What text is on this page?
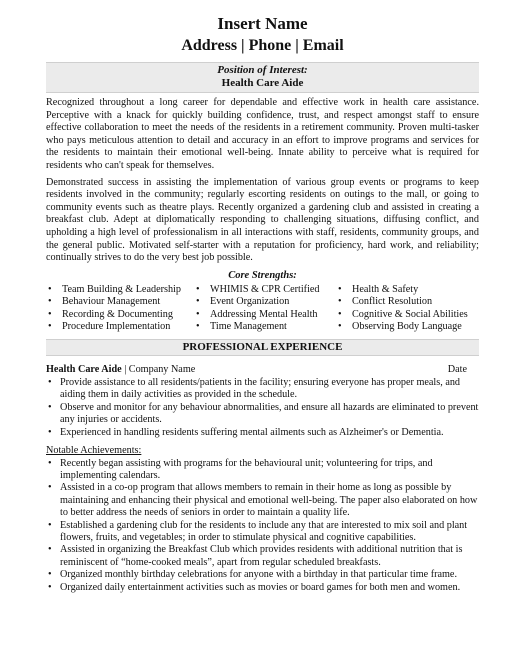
Insert Name
Address | Phone | Email
Position of Interest:
Health Care Aide

Recognized throughout a long career for dependable and effective work in health care assistance. Perceptive with a knack for quickly building confidence, trust, and respect amongst staff to ensure effective collaboration to meet the needs of the residents in a retirement community. Proven multi-tasker who pays meticulous attention to detail and accuracy in an effort to improve programs and services for the residents to maintain their emotional well-being. Innate ability to perceive what is required for residents who can't speak for themselves.

Demonstrated success in assisting the implementation of various group events or programs to keep residents involved in the community; regularly escorting residents on outings to the mall, or going to community events such as theatre plays. Recently organized a gardening club and assisted in creating a breakfast club. Adept at diplomatically responding to challenging situations, diffusing conflict, and upholding a high level of professionalism in all interactions with staff, residents, community groups, and the general public. Motivated self-starter with a reputation for proficiency, hard work, and reliability; continually strives to do the very best job possible.

Core Strengths:
• Team Building & Leadership
• Behaviour Management
• Recording & Documenting
• Procedure Implementation
• WHIMIS & CPR Certified
• Event Organization
• Addressing Mental Health
• Time Management
• Health & Safety
• Conflict Resolution
• Cognitive & Social Abilities
• Observing Body Language
PROFESSIONAL EXPERIENCE
Health Care Aide | Company Name	Date
• Provide assistance to all residents/patients in the facility; ensuring everyone has proper meals, and aiding them in daily activities as provided in the schedule.
• Observe and monitor for any behaviour abnormalities, and ensure all hazards are eliminated to prevent any injuries or accidents.
• Experienced in handling residents suffering mental ailments such as Alzheimer's or Dementia.
Notable Achievements:
• Recently began assisting with programs for the behavioural unit; volunteering for trips, and implementing calendars.
• Assisted in a co-op program that allows members to remain in their home as long as possible by maintaining and enhancing their physical and emotional well-being. The paper also elaborated on how to better address the needs of seniors in order to maintain a quality life.
• Established a gardening club for the residents to include any that are interested to mix soil and plant flowers, fruits, and vegetables; in order to stimulate physical and cognitive capabilities.
• Assisted in organizing the Breakfast Club which provides residents with additional nutrition that is reminiscent of “home-cooked meals”, apart from regular scheduled breakfasts.
• Organized monthly birthday celebrations for anyone with a birthday in that particular time frame.
• Organized daily entertainment activities such as movies or board games for both men and women.
